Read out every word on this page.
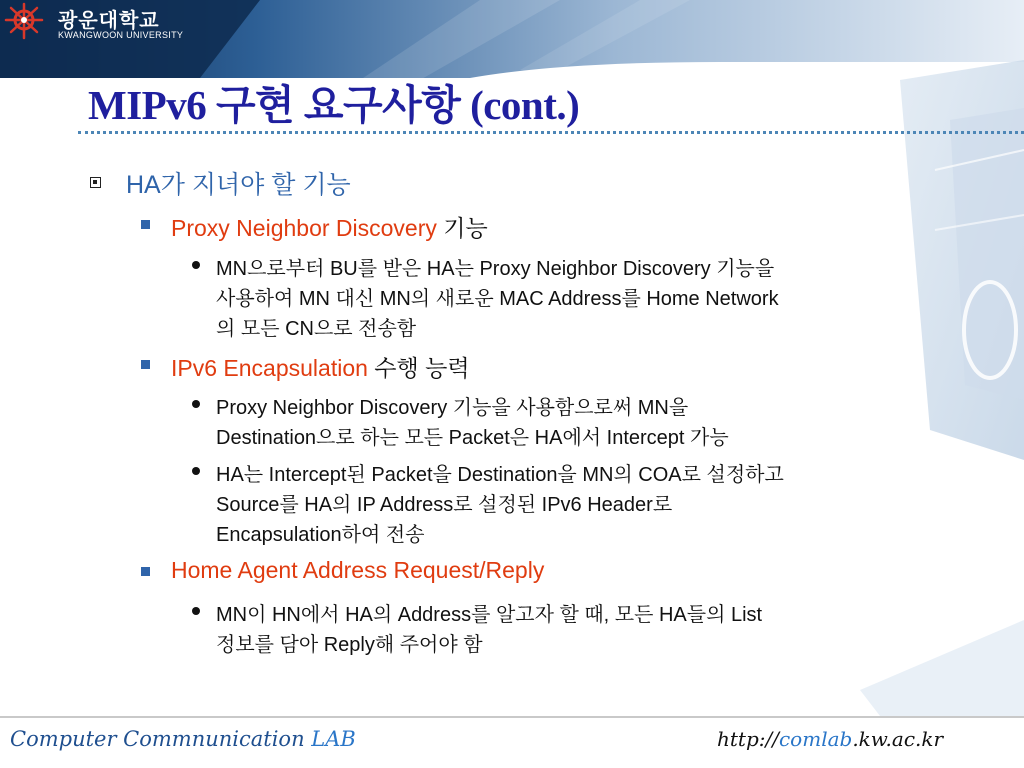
광운대학교
KWANGWOON UNIVERSITY
MIPv6 구현 요구사항 (cont.)
HA가 지녀야 할 기능
Proxy Neighbor Discovery 기능
MN으로부터 BU를 받은 HA는 Proxy Neighbor Discovery 기능을
사용하여 MN 대신 MN의 새로운 MAC Address를 Home Network
의 모든 CN으로 전송함
IPv6 Encapsulation 수행 능력
Proxy Neighbor Discovery 기능을 사용함으로써 MN을
Destination으로 하는 모든 Packet은 HA에서 Intercept 가능
HA는 Intercept된 Packet을 Destination을 MN의 COA로 설정하고
Source를 HA의 IP Address로 설정된 IPv6 Header로
Encapsulation하여 전송
Home Agent Address Request/Reply
MN이 HN에서 HA의 Address를 알고자 할 때, 모든 HA들의 List
정보를 담아 Reply해 주어야 함
Computer Commnunication LAB	http://comlab.kw.ac.kr
